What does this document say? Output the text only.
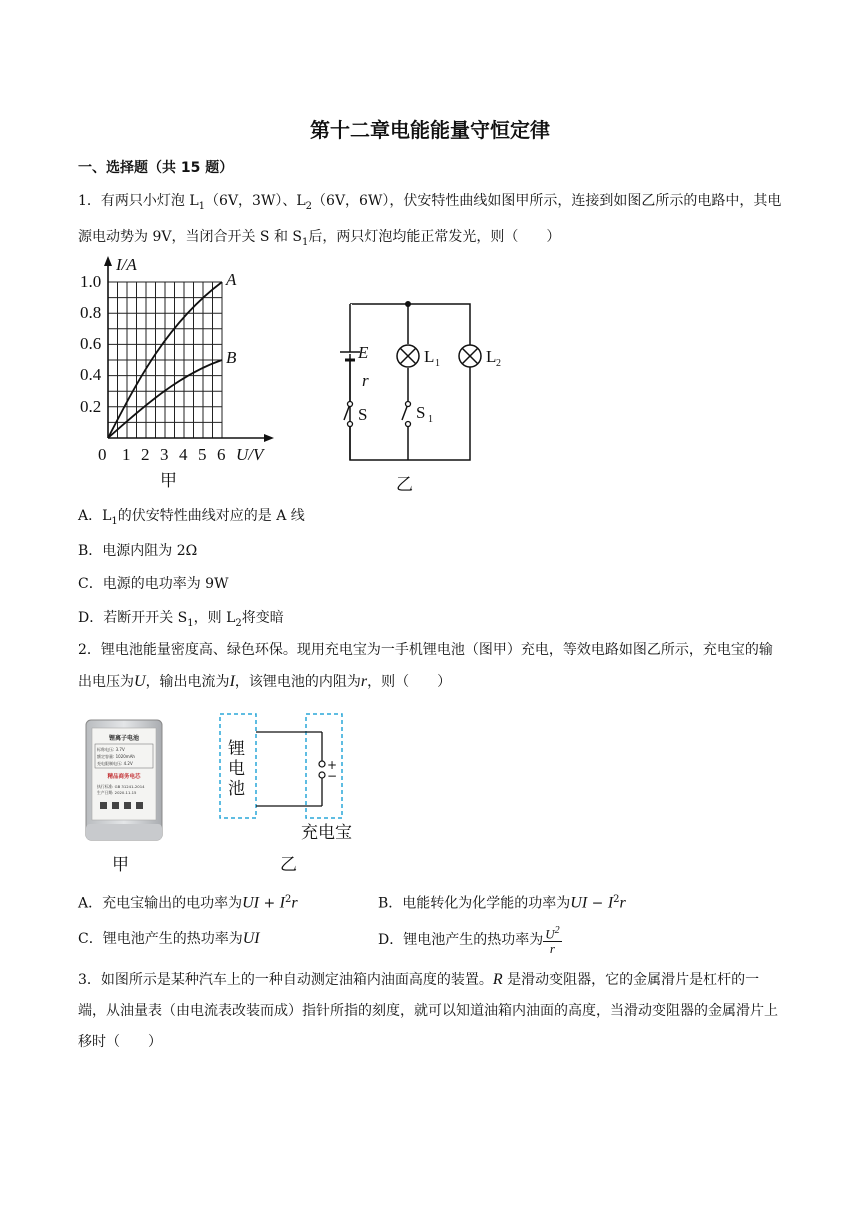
第十二章电能能量守恒定律
一、选择题（共 15 题）

1．有两只小灯泡 $L_1(6V$，3W）、$L_2(6V$，6W），伏安特性曲线如图甲所示，连接到如图乙所示的电路中，其电源电动势为 9V，当闭合开关 S 和 $S_1$后，两只灯泡均能正常发光，则（　　）

I/A
A
B
1.0
0.8
0.6
0.4
0.2
0 1 2 3 4 5 6 U/V
甲
E
r
S	S 1
L 1	L 2
乙
A．$L_1$的伏安特性曲线对应的是 A 线
B．电源内阻为 2Ω
C．电源的电功率为 9W
D．若断开开关 $S_1$，则 $L_2$将变暗

2．锂电池能量密度高、绿色环保。现用充电宝为一手机锂电池（图甲）充电，等效电路如图乙所示，充电宝的输出电压为U，输出电流为I，该锂电池的内阻为r，则（　　）

锂离子电池
标称电压: 3.7V
额定容量: 1020mAh
充电限制电压: 4.2V
精品商务电芯
执行标准: GB 31241-2014
生产日期: 2020.11.15
甲
锂
电
池
充电宝
+
−
乙
A．充电宝输出的电功率为UI + $I^2r$	B．电能转化为化学能的功率为UI − $I^2r$
C．锂电池产生的热功率为UI	D．锂电池产生的热功率为 $\frac{U^2}{r}$

3．如图所示是某种汽车上的一种自动测定油箱内油面高度的装置。R 是滑动变阻器，它的金属滑片是杠杆的一端，从油量表（由电流表改装而成）指针所指的刻度，就可以知道油箱内油面的高度，当滑动变阻器的金属滑片上移时（　　）
